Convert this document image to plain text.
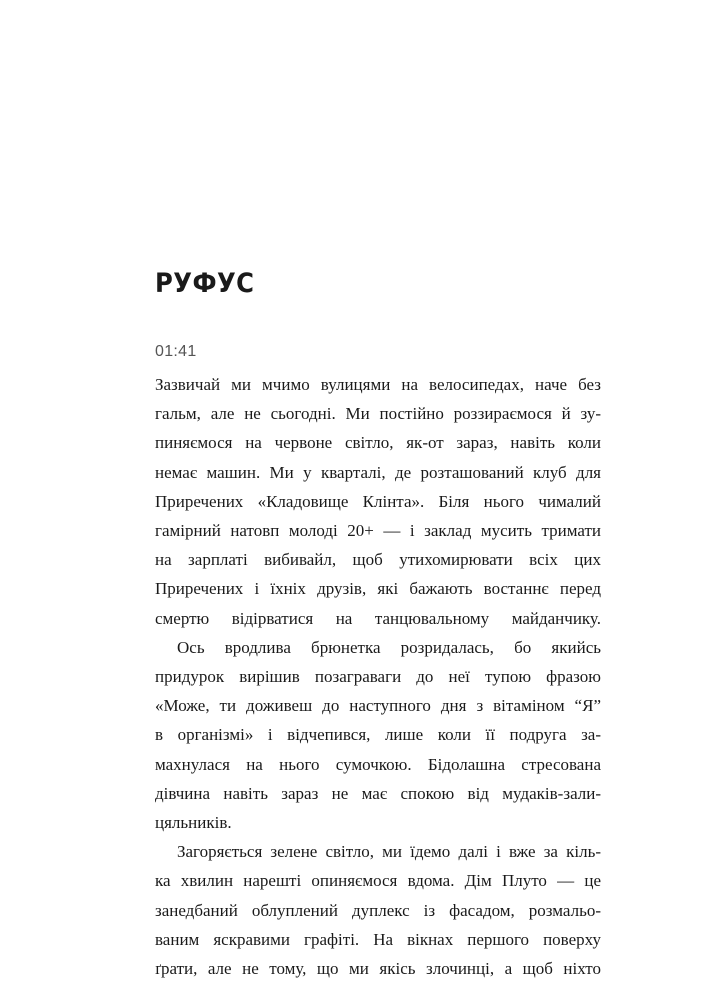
РУФУС
01:41

Зазвичай ми мчимо вулицями на велосипедах, наче без
гальм, але не сьогодні. Ми постійно роззираємося й зу-
пиняємося на червоне світло, як-от зараз, навіть коли
немає машин. Ми у кварталі, де розташований клуб для
Приречених «Кладовище Клінта». Біля нього чималий
гамірний натовп молоді 20+ — і заклад мусить тримати
на зарплаті вибивайл, щоб утихомирювати всіх цих
Приречених і їхніх друзів, які бажають востаннє перед
смертю відірватися на танцювальному майданчику.

Ось вродлива брюнетка розридалась, бо якийсь
придурок вирішив позаграваги до неї тупою фразою
«Може, ти доживеш до наступного дня з вітаміном “Я”
в організмі» і відчепився, лише коли її подруга за-
махнулася на нього сумочкою. Бідолашна стресована
дівчина навіть зараз не має спокою від мудаків-зали-
цяльників.

Загоряється зелене світло, ми їдемо далі і вже за кіль-
ка хвилин нарешті опиняємося вдома. Дім Плуто — це
занедбаний облуплений дуплекс із фасадом, розмальо-
ваним яскравими графіті. На вікнах першого поверху
ґрати, але не тому, що ми якісь злочинці, а щоб ніхто
